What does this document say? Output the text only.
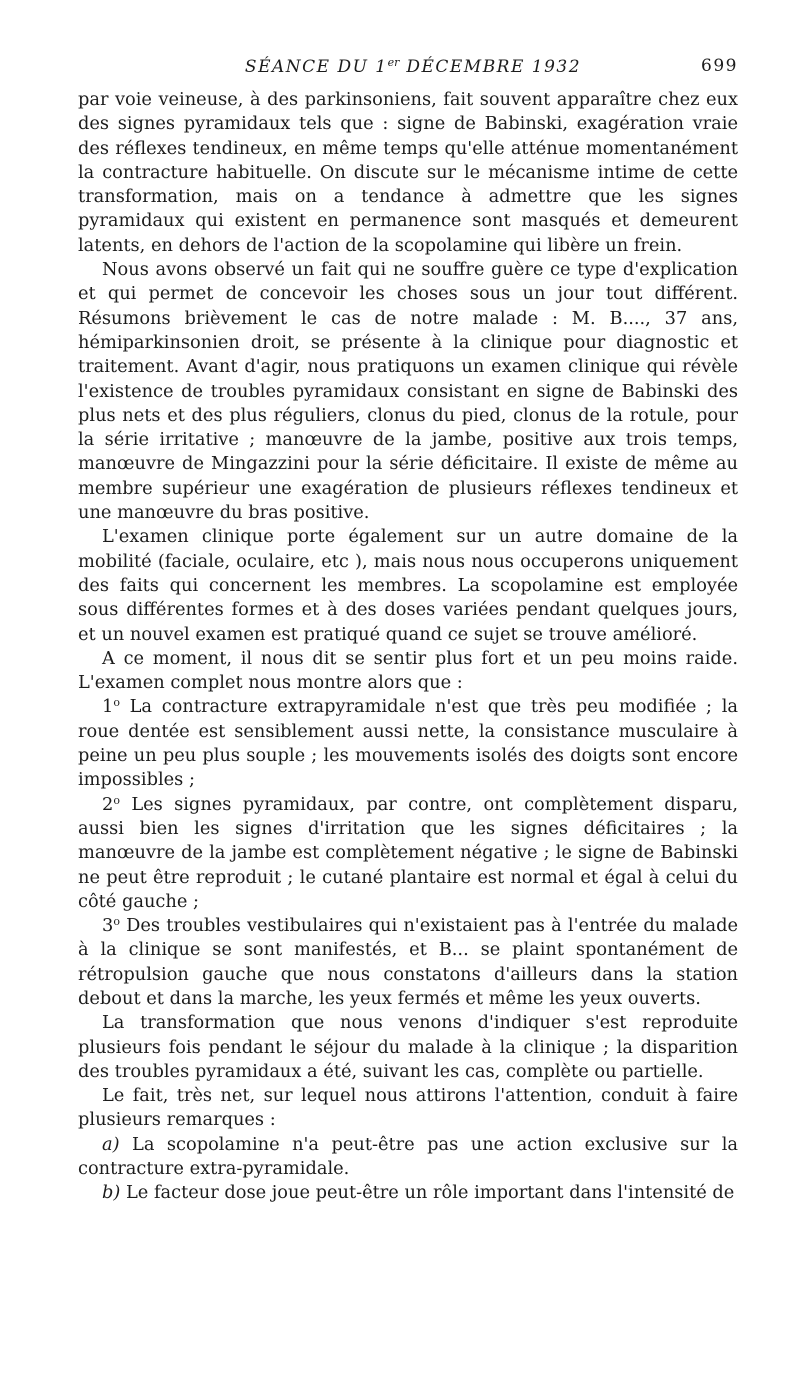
SÉANCE DU 1er DÉCEMBRE 1932	699

par voie veineuse, à des parkinsoniens, fait souvent apparaître chez eux des signes pyramidaux tels que : signe de Babinski, exagération vraie des réflexes tendineux, en même temps qu'elle atténue momentanément la contracture habituelle. On discute sur le mécanisme intime de cette transformation, mais on a tendance à admettre que les signes pyramidaux qui existent en permanence sont masqués et demeurent latents, en dehors de l'action de la scopolamine qui libère un frein.

Nous avons observé un fait qui ne souffre guère ce type d'explication et qui permet de concevoir les choses sous un jour tout différent. Résumons brièvement le cas de notre malade : M. B...., 37 ans, hémiparkinsonien droit, se présente à la clinique pour diagnostic et traitement. Avant d'agir, nous pratiquons un examen clinique qui révèle l'existence de troubles pyramidaux consistant en signe de Babinski des plus nets et des plus réguliers, clonus du pied, clonus de la rotule, pour la série irritative ; manœuvre de la jambe, positive aux trois temps, manœuvre de Mingazzini pour la série déficitaire. Il existe de même au membre supérieur une exagération de plusieurs réflexes tendineux et une manœuvre du bras positive.

L'examen clinique porte également sur un autre domaine de la mobilité (faciale, oculaire, etc ), mais nous nous occuperons uniquement des faits qui concernent les membres. La scopolamine est employée sous différentes formes et à des doses variées pendant quelques jours, et un nouvel examen est pratiqué quand ce sujet se trouve amélioré.

A ce moment, il nous dit se sentir plus fort et un peu moins raide. L'examen complet nous montre alors que :

1$^o$ La contracture extrapyramidale n'est que très peu modifiée ; la roue dentée est sensiblement aussi nette, la consistance musculaire à peine un peu plus souple ; les mouvements isolés des doigts sont encore impossibles ;

2$^o$ Les signes pyramidaux, par contre, ont complètement disparu, aussi bien les signes d'irritation que les signes déficitaires ; la manœuvre de la jambe est complètement négative ; le signe de Babinski ne peut être reproduit ; le cutané plantaire est normal et égal à celui du côté gauche ;

3$^o$ Des troubles vestibulaires qui n'existaient pas à l'entrée du malade à la clinique se sont manifestés, et B... se plaint spontanément de rétropulsion gauche que nous constatons d'ailleurs dans la station debout et dans la marche, les yeux fermés et même les yeux ouverts.

La transformation que nous venons d'indiquer s'est reproduite plusieurs fois pendant le séjour du malade à la clinique ; la disparition des troubles pyramidaux a été, suivant les cas, complète ou partielle.

Le fait, très net, sur lequel nous attirons l'attention, conduit à faire plusieurs remarques :

a) La scopolamine n'a peut-être pas une action exclusive sur la contracture extra-pyramidale.

b) Le facteur dose joue peut-être un rôle important dans l'intensité de
